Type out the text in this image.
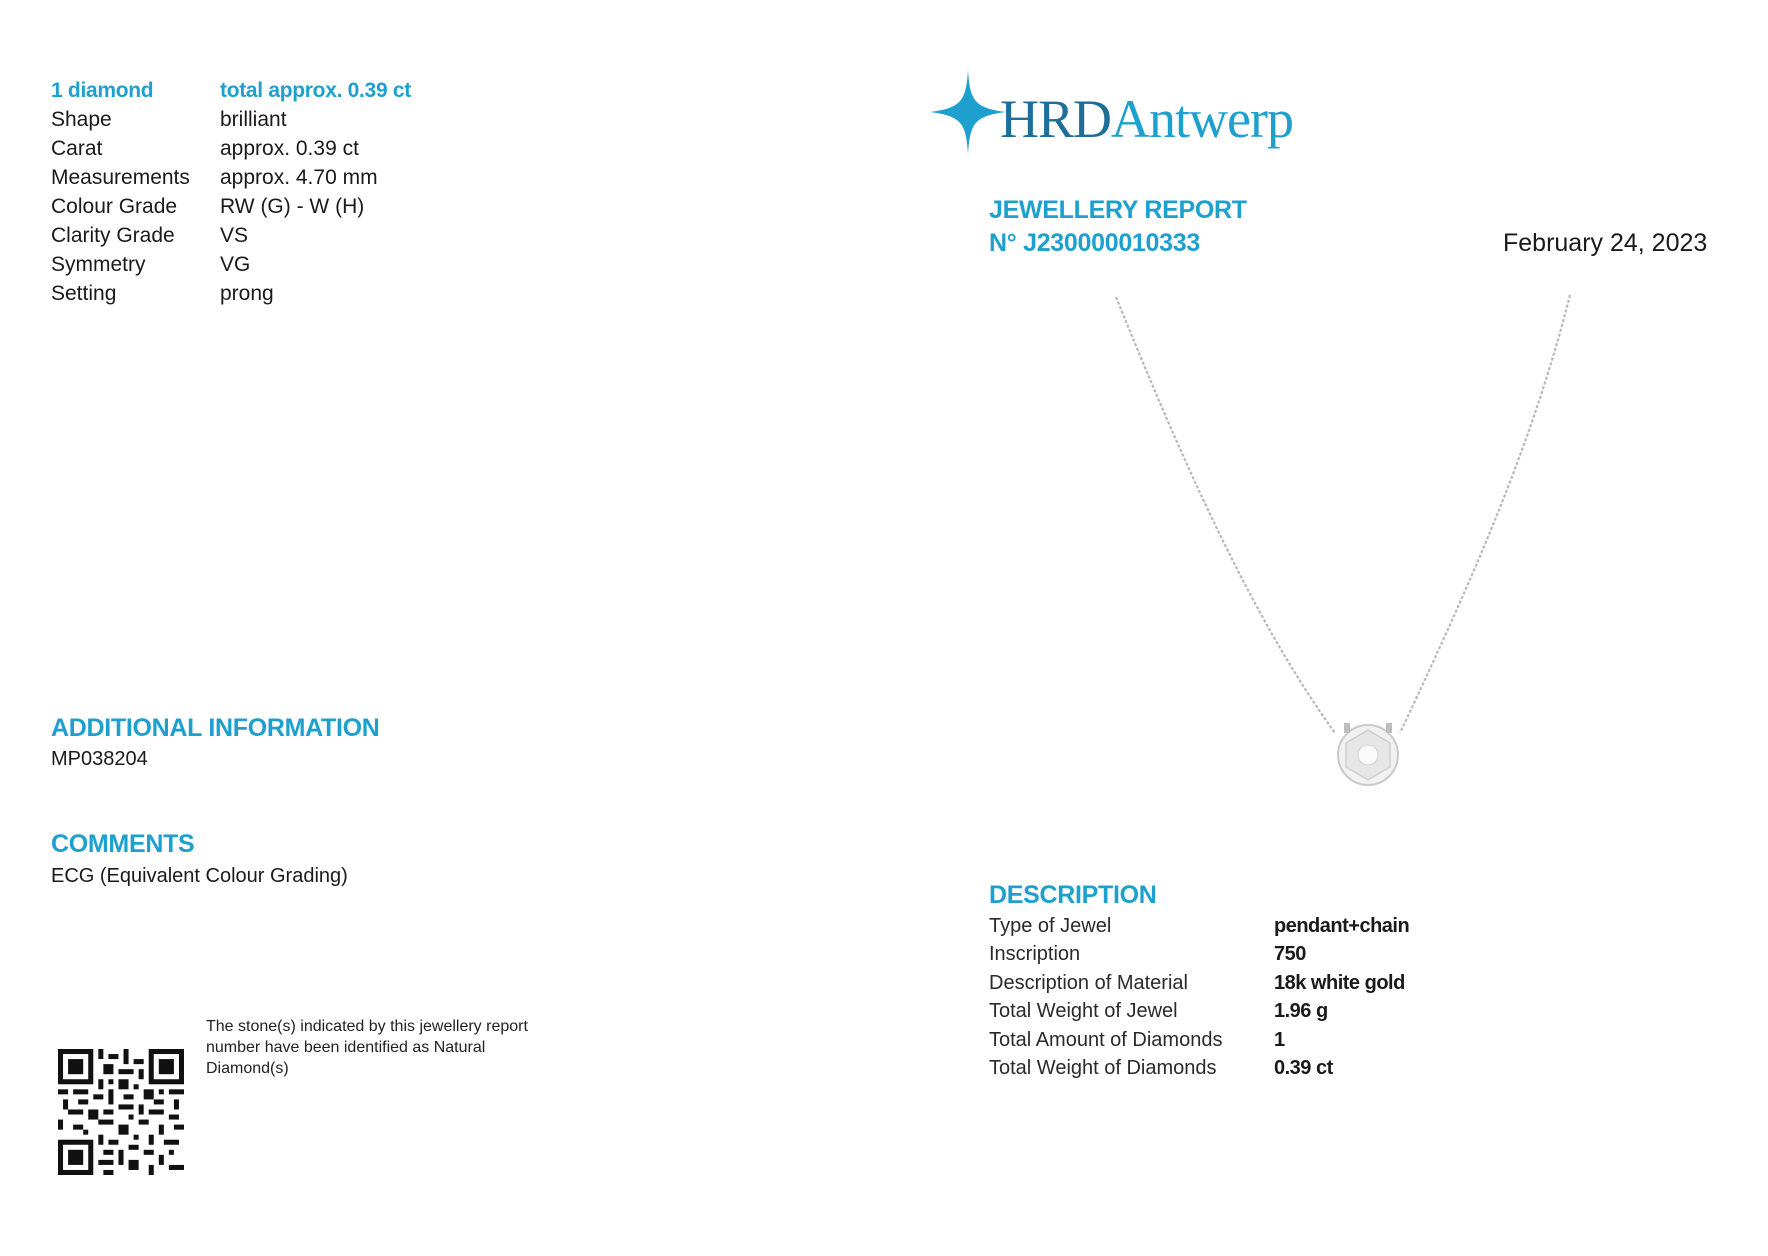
1 diamond	total approx. 0.39 ct
Shape	brilliant
Carat	approx. 0.39 ct
Measurements	approx. 4.70 mm
Colour Grade	RW (G) - W (H)
Clarity Grade	VS
Symmetry	VG
Setting	prong
ADDITIONAL INFORMATION
MP038204
COMMENTS
ECG (Equivalent Colour Grading)
The stone(s) indicated by this jewellery report number have been identified as Natural Diamond(s)
HRDAntwerp
JEWELLERY REPORT
N° J230000010333	February 24, 2023
DESCRIPTION
Type of Jewel	pendant+chain
Inscription	750
Description of Material	18k white gold
Total Weight of Jewel	1.96 g
Total Amount of Diamonds	1
Total Weight of Diamonds	0.39 ct
